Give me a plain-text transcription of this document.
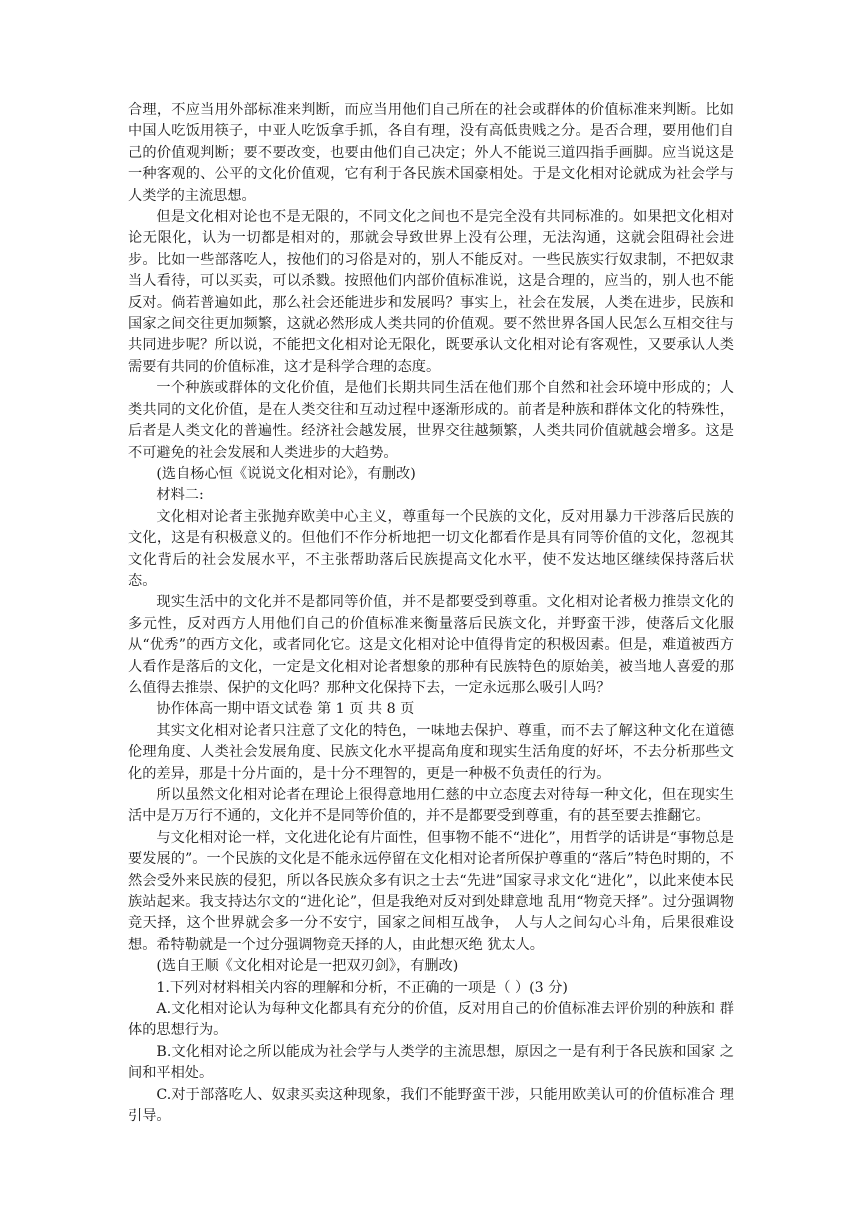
合理，不应当用外部标准来判断，而应当用他们自己所在的社会或群体的价值标准来判断。比如中国人吃饭用筷子，中亚人吃饭拿手抓，各自有理，没有高低贵贱之分。是否合理，要用他们自己的价值观判断；要不要改变，也要由他们自己决定；外人不能说三道四指手画脚。应当说这是一种客观的、公平的文化价值观，它有利于各民族术国豪相处。于是文化相对论就成为社会学与人类学的主流思想。

但是文化相对论也不是无限的，不同文化之间也不是完全没有共同标准的。如果把文化相对论无限化，认为一切都是相对的，那就会导致世界上没有公理，无法沟通，这就会阻碍社会进步。比如一些部落吃人，按他们的习俗是对的，别人不能反对。一些民族实行奴隶制，不把奴隶当人看待，可以买卖，可以杀戮。按照他们内部价值标准说，这是合理的，应当的，别人也不能反对。倘若普遍如此，那么社会还能进步和发展吗？事实上，社会在发展，人类在进步，民族和国家之间交往更加频繁，这就必然形成人类共同的价值观。要不然世界各国人民怎么互相交往与共同进步呢？所以说，不能把文化相对论无限化，既要承认文化相对论有客观性，又要承认人类需要有共同的价值标准，这才是科学合理的态度。

一个种族或群体的文化价值，是他们长期共同生活在他们那个自然和社会环境中形成的；人类共同的文化价值，是在人类交往和互动过程中逐渐形成的。前者是种族和群体文化的特殊性，后者是人类文化的普遍性。经济社会越发展，世界交往越频繁，人类共同价值就越会增多。这是不可避免的社会发展和人类进步的大趋势。

(选自杨心恒《说说文化相对论》，有删改)

材料二:

文化相对论者主张抛弃欧美中心主义，尊重每一个民族的文化，反对用暴力干涉落后民族的文化，这是有积极意义的。但他们不作分析地把一切文化都看作是具有同等价值的文化，忽视其文化背后的社会发展水平，不主张帮助落后民族提高文化水平，使不发达地区继续保持落后状态。

现实生活中的文化并不是都同等价值，并不是都要受到尊重。文化相对论者极力推崇文化的多元性，反对西方人用他们自己的价值标准来衡量落后民族文化，并野蛮干涉，使落后文化服从“优秀”的西方文化，或者同化它。这是文化相对论中值得肯定的积极因素。但是，难道被西方人看作是落后的文化，一定是文化相对论者想象的那种有民族特色的原始美，被当地人喜爱的那么值得去推崇、保护的文化吗？那种文化保持下去，一定永远那么吸引人吗？

协作体高一期中语文试卷 第 1 页 共 8 页

其实文化相对论者只注意了文化的特色，一味地去保护、尊重，而不去了解这种文化在道德伦理角度、人类社会发展角度、民族文化水平提高角度和现实生活角度的好坏，不去分析那些文化的差异，那是十分片面的，是十分不理智的，更是一种极不负责任的行为。

所以虽然文化相对论者在理论上很得意地用仁慈的中立态度去对待每一种文化，但在现实生活中是万万行不通的，文化并不是同等价值的，并不是都要受到尊重，有的甚至要去推翻它。

与文化相对论一样，文化进化论有片面性，但事物不能不“进化”，用哲学的话讲是“事物总是要发展的”。一个民族的文化是不能永远停留在文化相对论者所保护尊重的“落后”特色时期的，不然会受外来民族的侵犯，所以各民族众多有识之士去“先进”国家寻求文化“进化”，以此来使本民族站起来。我支持达尔文的“进化论”，但是我绝对反对到处肆意地 乱用“物竞天择”。过分强调物竞天择，这个世界就会多一分不安宁，国家之间相互战争， 人与人之间勾心斗角，后果很难设想。希特勒就是一个过分强调物竞天择的人，由此想灭绝 犹太人。

(选自王顺《文化相对论是一把双刃剑》，有删改)

1.下列对材料相关内容的理解和分析，不正确的一项是（ ）(3 分)

A.文化相对论认为每种文化都具有充分的价值，反对用自己的价值标准去评价别的种族和 群体的思想行为。

B.文化相对论之所以能成为社会学与人类学的主流思想，原因之一是有利于各民族和国家 之间和平相处。

C.对于部落吃人、奴隶买卖这种现象，我们不能野蛮干涉，只能用欧美认可的价值标准合 理引导。
